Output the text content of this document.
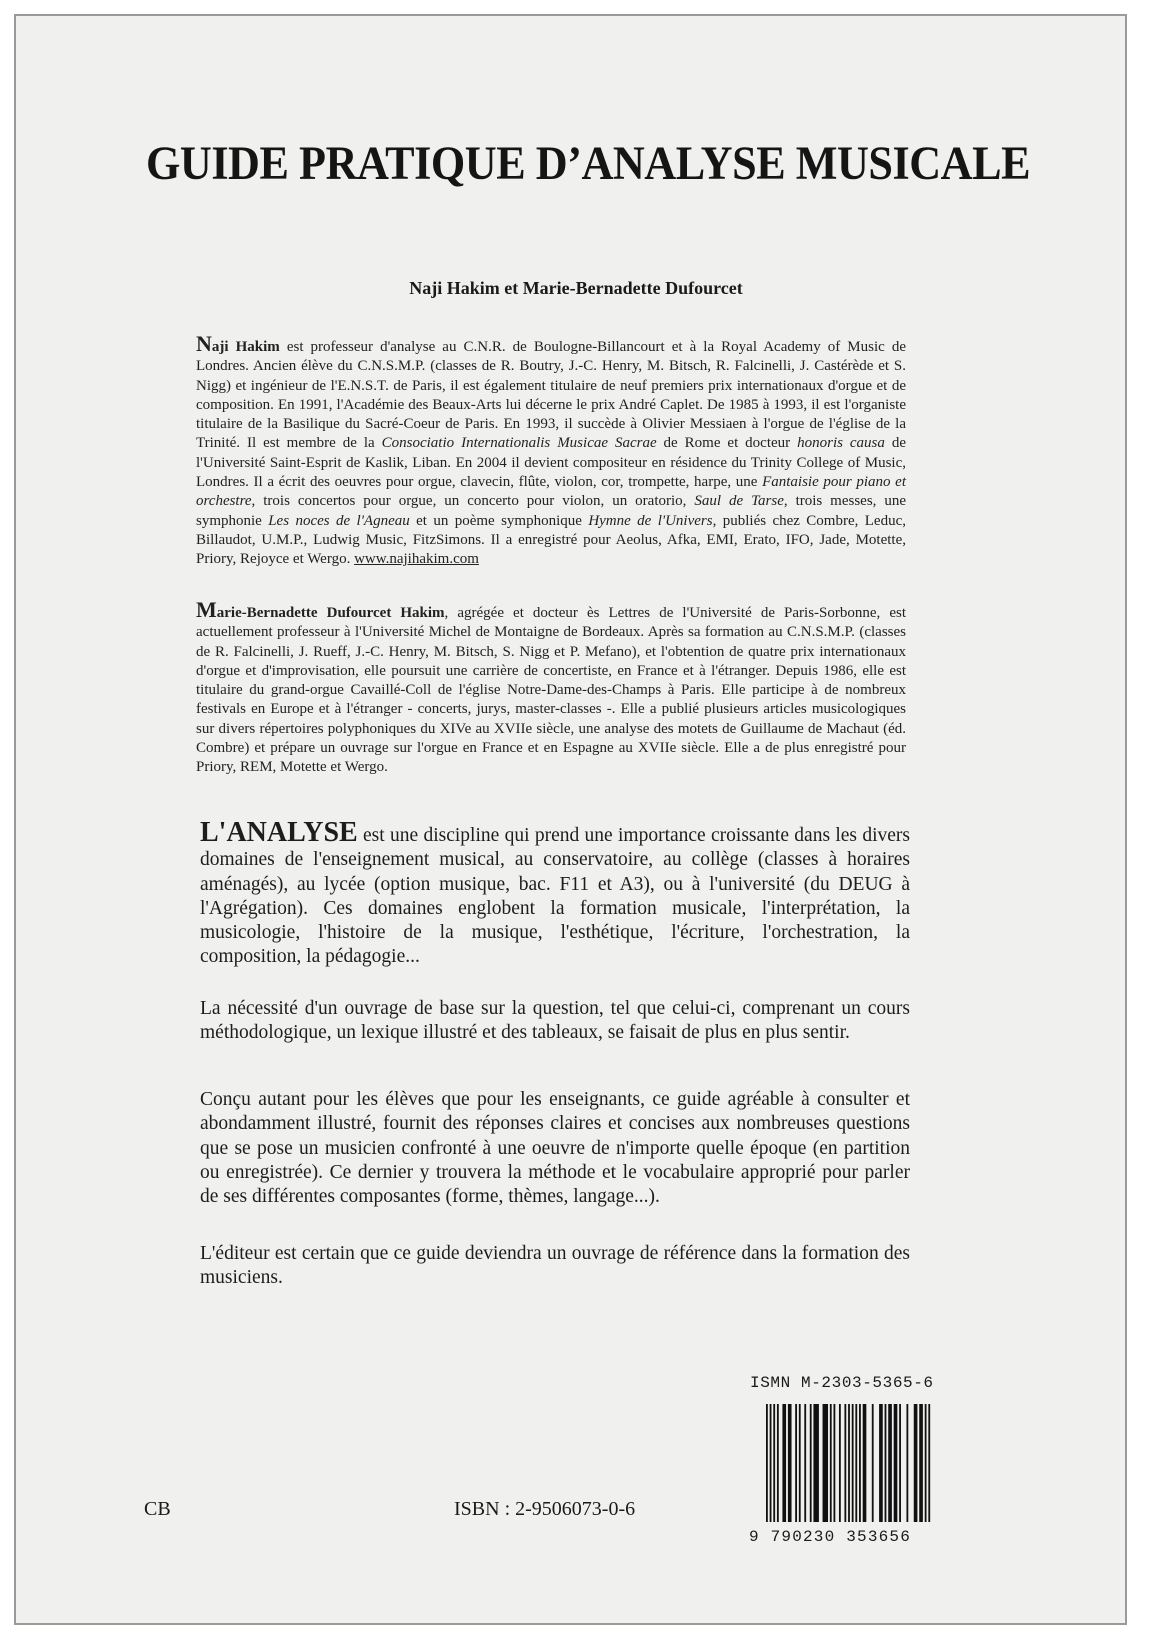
GUIDE PRATIQUE D’ANALYSE MUSICALE
Naji Hakim et Marie-Bernadette Dufourcet
Naji Hakim est professeur d'analyse au C.N.R. de Boulogne-Billancourt et à la Royal Academy of Music de Londres. Ancien élève du C.N.S.M.P. (classes de R. Boutry, J.-C. Henry, M. Bitsch, R. Falcinelli, J. Castérède et S. Nigg) et ingénieur de l'E.N.S.T. de Paris, il est également titulaire de neuf premiers prix internationaux d'orgue et de composition. En 1991, l'Académie des Beaux-Arts lui décerne le prix André Caplet. De 1985 à 1993, il est l'organiste titulaire de la Basilique du Sacré-Coeur de Paris. En 1993, il succède à Olivier Messiaen à l'orgue de l'église de la Trinité. Il est membre de la Consociatio Internationalis Musicae Sacrae de Rome et docteur honoris causa de l'Université Saint-Esprit de Kaslik, Liban. En 2004 il devient compositeur en résidence du Trinity College of Music, Londres. Il a écrit des oeuvres pour orgue, clavecin, flûte, violon, cor, trompette, harpe, une Fantaisie pour piano et orchestre, trois concertos pour orgue, un concerto pour violon, un oratorio, Saul de Tarse, trois messes, une symphonie Les noces de l'Agneau et un poème symphonique Hymne de l'Univers, publiés chez Combre, Leduc, Billaudot, U.M.P., Ludwig Music, FitzSimons. Il a enregistré pour Aeolus, Afka, EMI, Erato, IFO, Jade, Motette, Priory, Rejoyce et Wergo. www.najihakim.com
Marie-Bernadette Dufourcet Hakim, agrégée et docteur ès Lettres de l'Université de Paris-Sorbonne, est actuellement professeur à l'Université Michel de Montaigne de Bordeaux. Après sa formation au C.N.S.M.P. (classes de R. Falcinelli, J. Rueff, J.-C. Henry, M. Bitsch, S. Nigg et P. Mefano), et l'obtention de quatre prix internationaux d'orgue et d'improvisation, elle poursuit une carrière de concertiste, en France et à l'étranger. Depuis 1986, elle est titulaire du grand-orgue Cavaillé-Coll de l'église Notre-Dame-des-Champs à Paris. Elle participe à de nombreux festivals en Europe et à l'étranger - concerts, jurys, master-classes -. Elle a publié plusieurs articles musicologiques sur divers répertoires polyphoniques du XIVe au XVIIe siècle, une analyse des motets de Guillaume de Machaut (éd. Combre) et prépare un ouvrage sur l'orgue en France et en Espagne au XVIIe siècle. Elle a de plus enregistré pour Priory, REM, Motette et Wergo.
L'ANALYSE est une discipline qui prend une importance croissante dans les divers domaines de l'enseignement musical, au conservatoire, au collège (classes à horaires aménagés), au lycée (option musique, bac. F11 et A3), ou à l'université (du DEUG à l'Agrégation). Ces domaines englobent la formation musicale, l'interprétation, la musicologie, l'histoire de la musique, l'esthétique, l'écriture, l'orchestration, la composition, la pédagogie...
La nécessité d'un ouvrage de base sur la question, tel que celui-ci, comprenant un cours méthodologique, un lexique illustré et des tableaux, se faisait de plus en plus sentir.
Conçu autant pour les élèves que pour les enseignants, ce guide agréable à consulter et abondamment illustré, fournit des réponses claires et concises aux nombreuses questions que se pose un musicien confronté à une oeuvre de n'importe quelle époque (en partition ou enregistrée). Ce dernier y trouvera la méthode et le vocabulaire approprié pour parler de ses différentes composantes (forme, thèmes, langage...).
L'éditeur est certain que ce guide deviendra un ouvrage de référence dans la formation des musiciens.
ISMN M-2303-5365-6
9 790230 353656
CB	ISBN : 2-9506073-0-6
